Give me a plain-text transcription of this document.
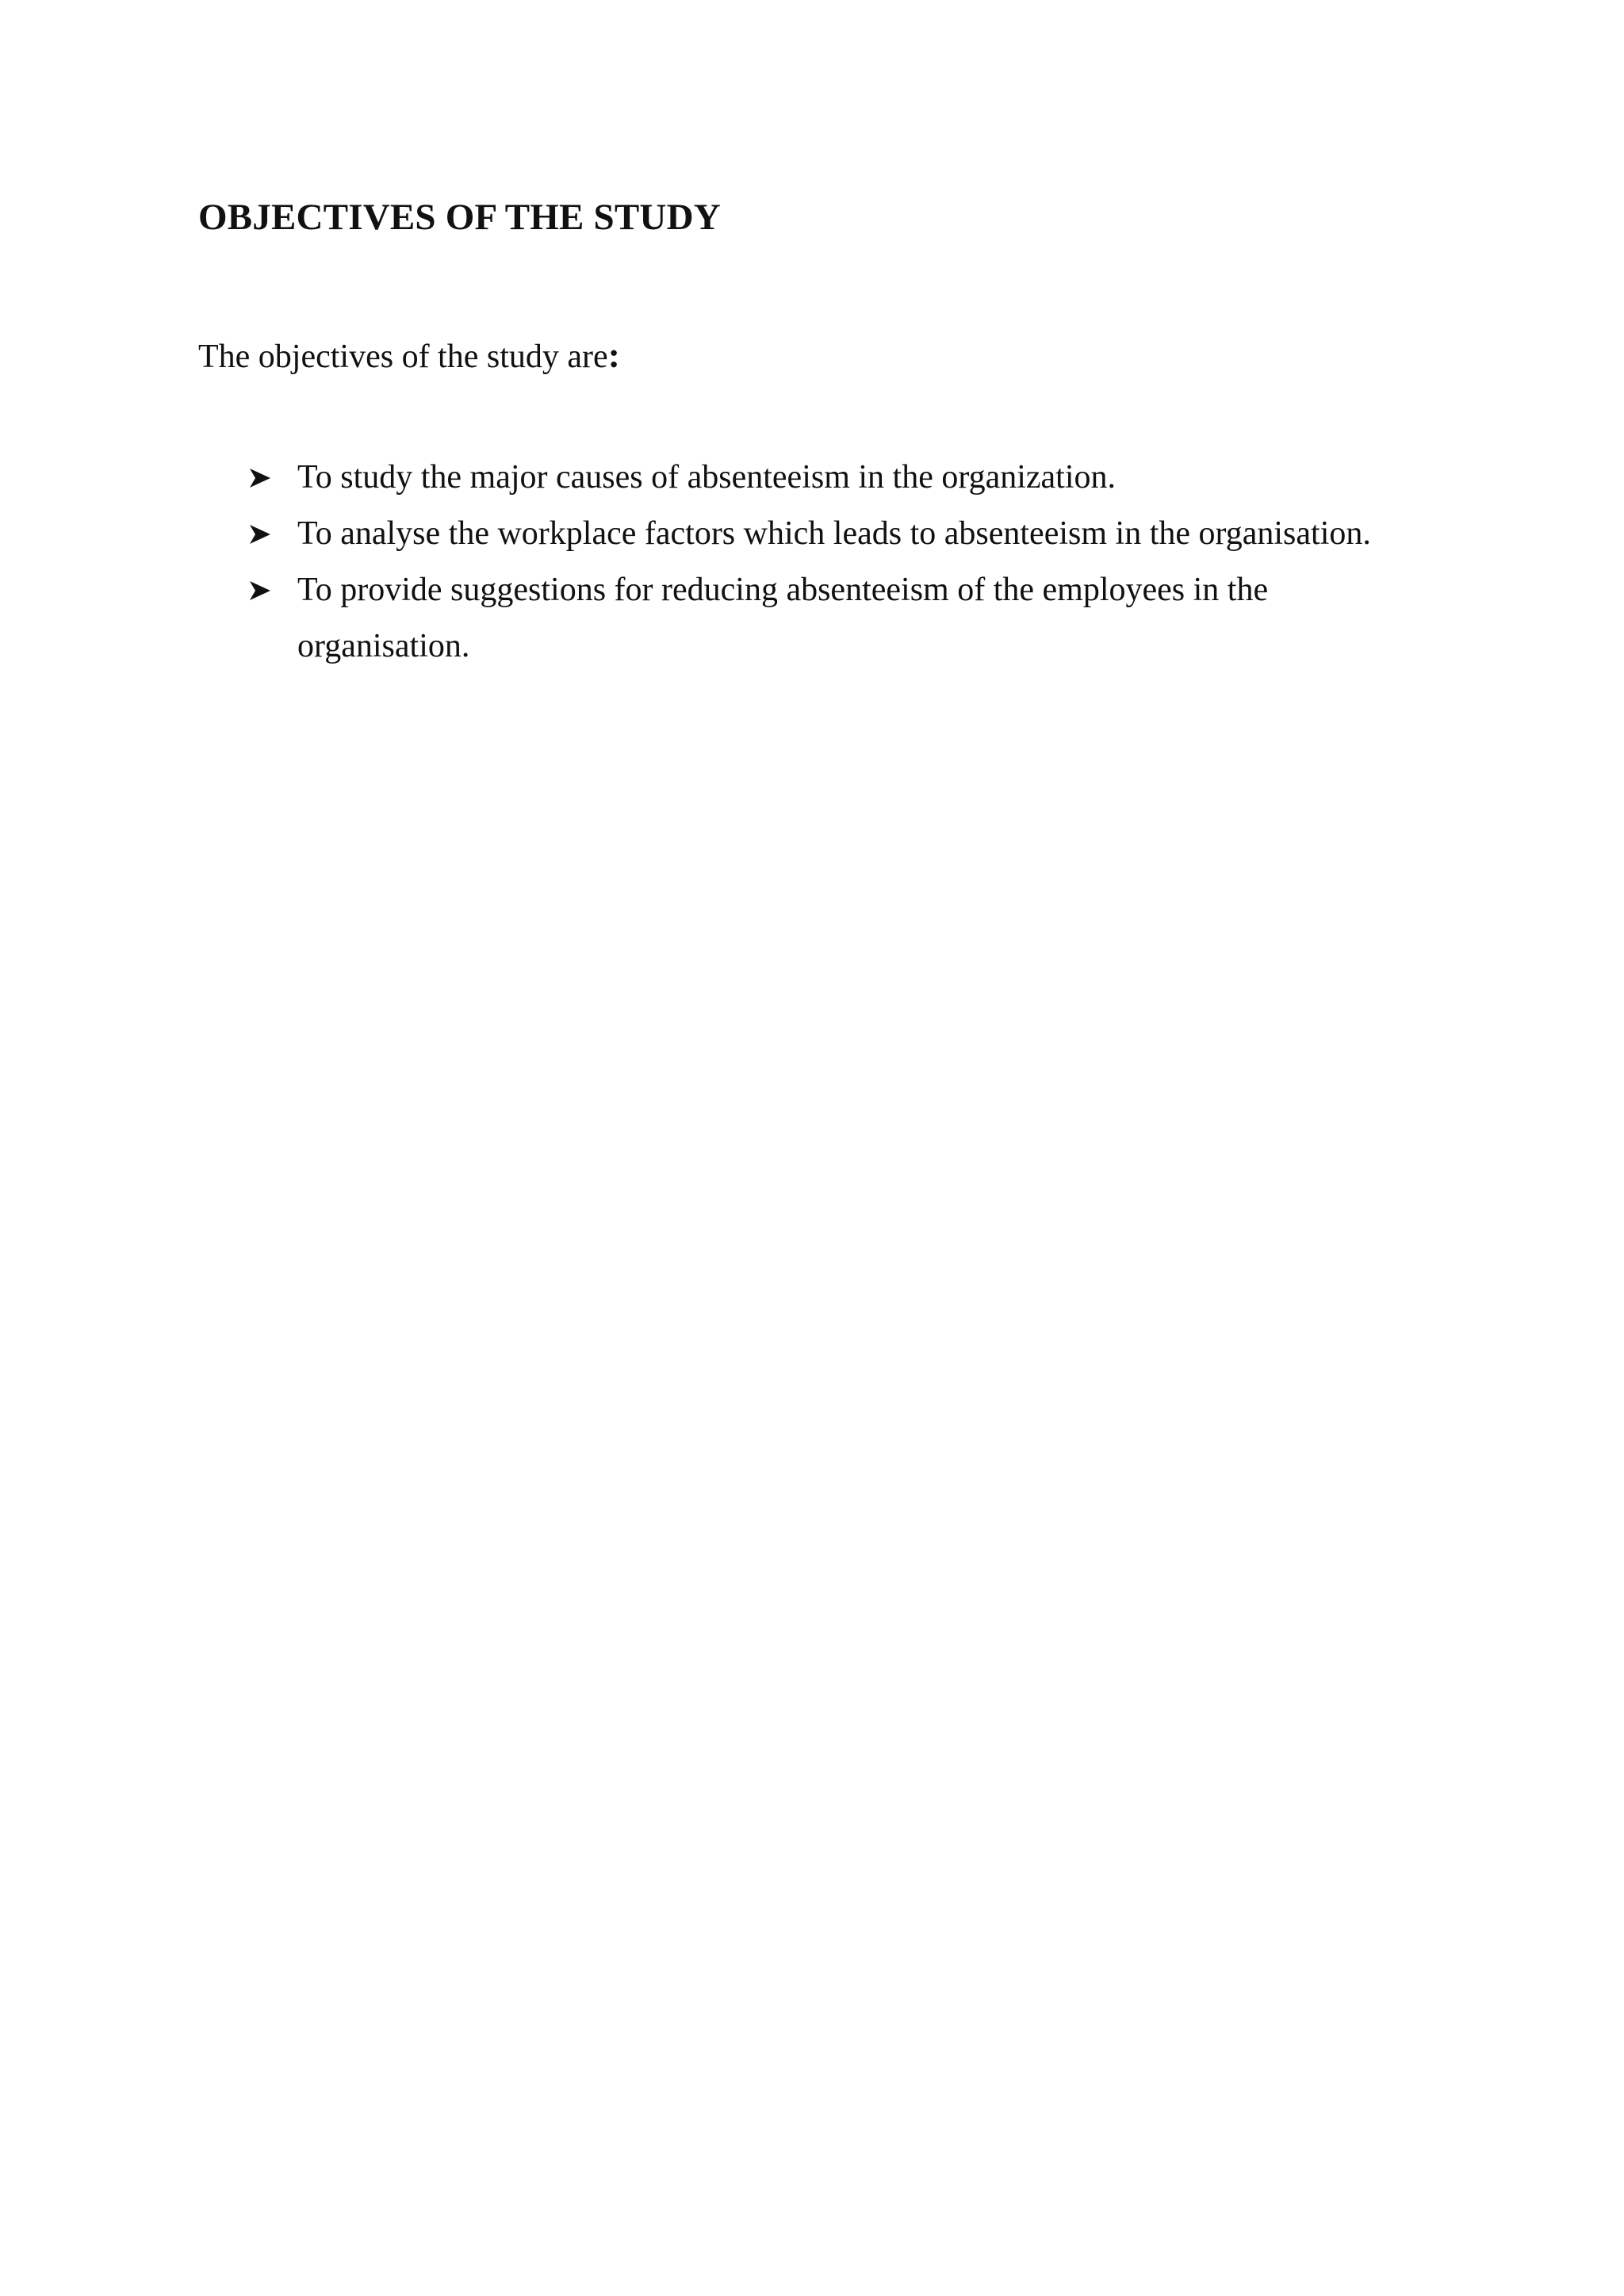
OBJECTIVES OF THE STUDY

The objectives of the study are:

To study the major causes of absenteeism in the organization.
To analyse the workplace factors which leads to absenteeism in the organisation.
To provide suggestions for reducing absenteeism of the employees in the organisation.
